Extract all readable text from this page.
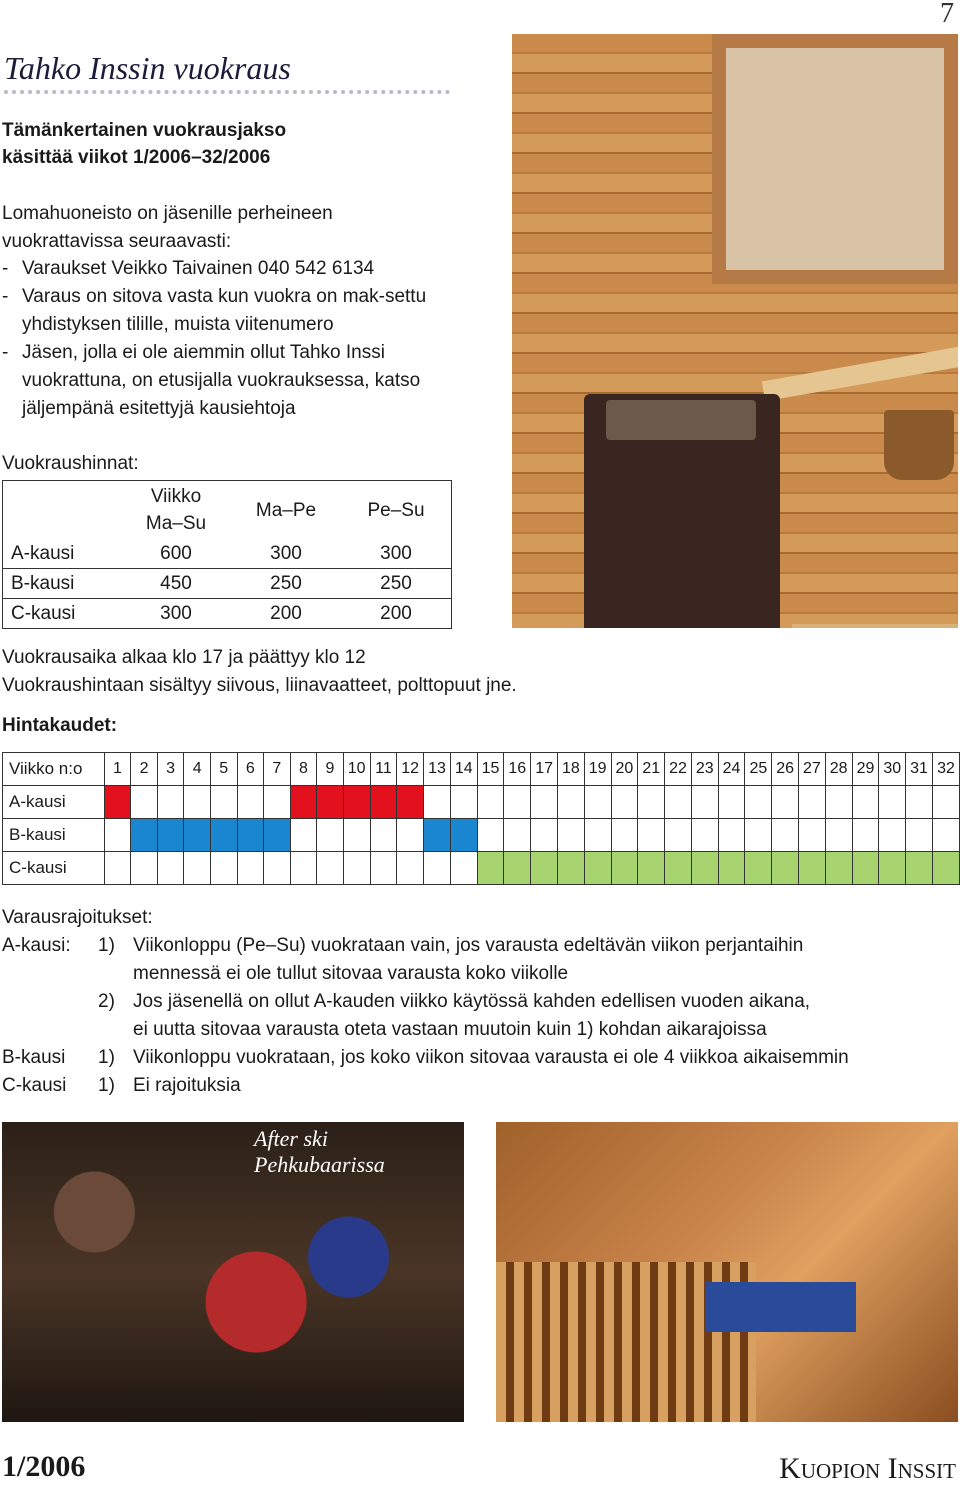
7
Tahko Inssin vuokraus
Tämänkertainen vuokrausjakso
käsittää viikot 1/2006–32/2006
Lomahuoneisto on jäsenille perheineen
vuokrattavissa seuraavasti:
- Varaukset Veikko Taivainen 040 542 6134
- Varaus on sitova vasta kun vuokra on mak-settu yhdistyksen tilille, muista viitenumero
- Jäsen, jolla ei ole aiemmin ollut Tahko Inssi vuokrattuna, on etusijalla vuokrauksessa, katso jäljempänä esitettyjä kausiehtoja
Vuokraushinnat:

	Viikko
Ma–Su	Ma–Pe	Pe–Su
A-kausi	600	300	300
B-kausi	450	250	250
C-kausi	300	200	200
Vuokrausaika alkaa klo 17 ja päättyy klo 12
Vuokraushintaan sisältyy siivous, liinavaatteet, polttopuut jne.
Hintakaudet:
Viikko n:o	1	2	3	4	5	6	7	8	9	10	11	12	13	14	15	16	17	18	19	20	21	22	23	24	25	26	27	28	29	30	31	32
A-kausi																																
B-kausi																																
C-kausi																																
Varausrajoitukset:
A-kausi:	1) Viikonloppu (Pe–Su) vuokrataan vain, jos varausta edeltävän viikon perjantaihin
mennessä ei ole tullut sitovaa varausta koko viikolle
2) Jos jäsenellä on ollut A-kauden viikko käytössä kahden edellisen vuoden aikana,
ei uutta sitovaa varausta oteta vastaan muutoin kuin 1) kohdan aikarajoissa
B-kausi	1) Viikonloppu vuokrataan, jos koko viikon sitovaa varausta ei ole 4 viikkoa aikaisemmin
C-kausi	1) Ei rajoituksia
After ski Pehkubaarissa
1/2006	Kuopion Inssit
